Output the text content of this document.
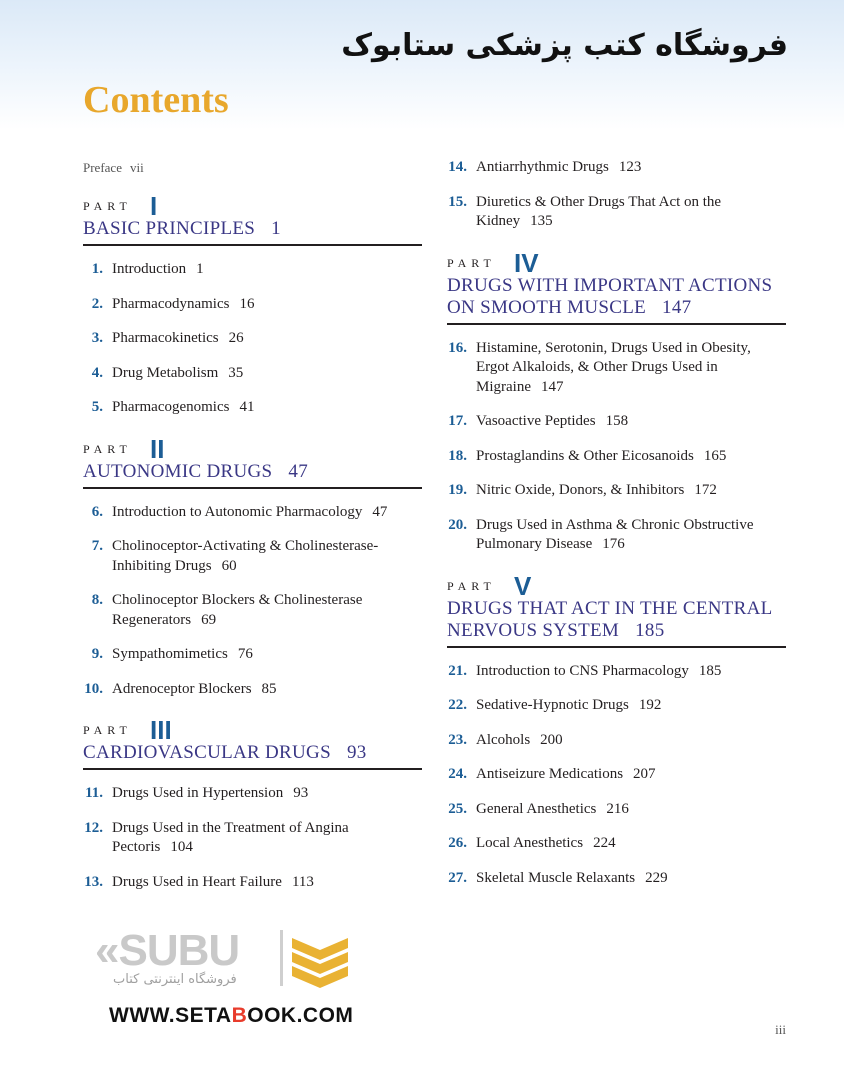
فروشگاه کتب پزشکی ستابوک
Contents
Preface vii
PART I
BASIC PRINCIPLES 1
1. Introduction 1
2. Pharmacodynamics 16
3. Pharmacokinetics 26
4. Drug Metabolism 35
5. Pharmacogenomics 41
PART II
AUTONOMIC DRUGS 47
6. Introduction to Autonomic Pharmacology 47
7. Cholinoceptor-Activating & Cholinesterase-Inhibiting Drugs 60
8. Cholinoceptor Blockers & Cholinesterase Regenerators 69
9. Sympathomimetics 76
10. Adrenoceptor Blockers 85
PART III
CARDIOVASCULAR DRUGS 93
11. Drugs Used in Hypertension 93
12. Drugs Used in the Treatment of Angina Pectoris 104
13. Drugs Used in Heart Failure 113
14. Antiarrhythmic Drugs 123
15. Diuretics & Other Drugs That Act on the Kidney 135
PART IV
DRUGS WITH IMPORTANT ACTIONS ON SMOOTH MUSCLE 147
16. Histamine, Serotonin, Drugs Used in Obesity, Ergot Alkaloids, & Other Drugs Used in Migraine 147
17. Vasoactive Peptides 158
18. Prostaglandins & Other Eicosanoids 165
19. Nitric Oxide, Donors, & Inhibitors 172
20. Drugs Used in Asthma & Chronic Obstructive Pulmonary Disease 176
PART V
DRUGS THAT ACT IN THE CENTRAL NERVOUS SYSTEM 185
21. Introduction to CNS Pharmacology 185
22. Sedative-Hypnotic Drugs 192
23. Alcohols 200
24. Antiseizure Medications 207
25. General Anesthetics 216
26. Local Anesthetics 224
27. Skeletal Muscle Relaxants 229
«SUBU
فروشگاه اینترنتی کتاب
WWW.SETABOOK.COM
iii
